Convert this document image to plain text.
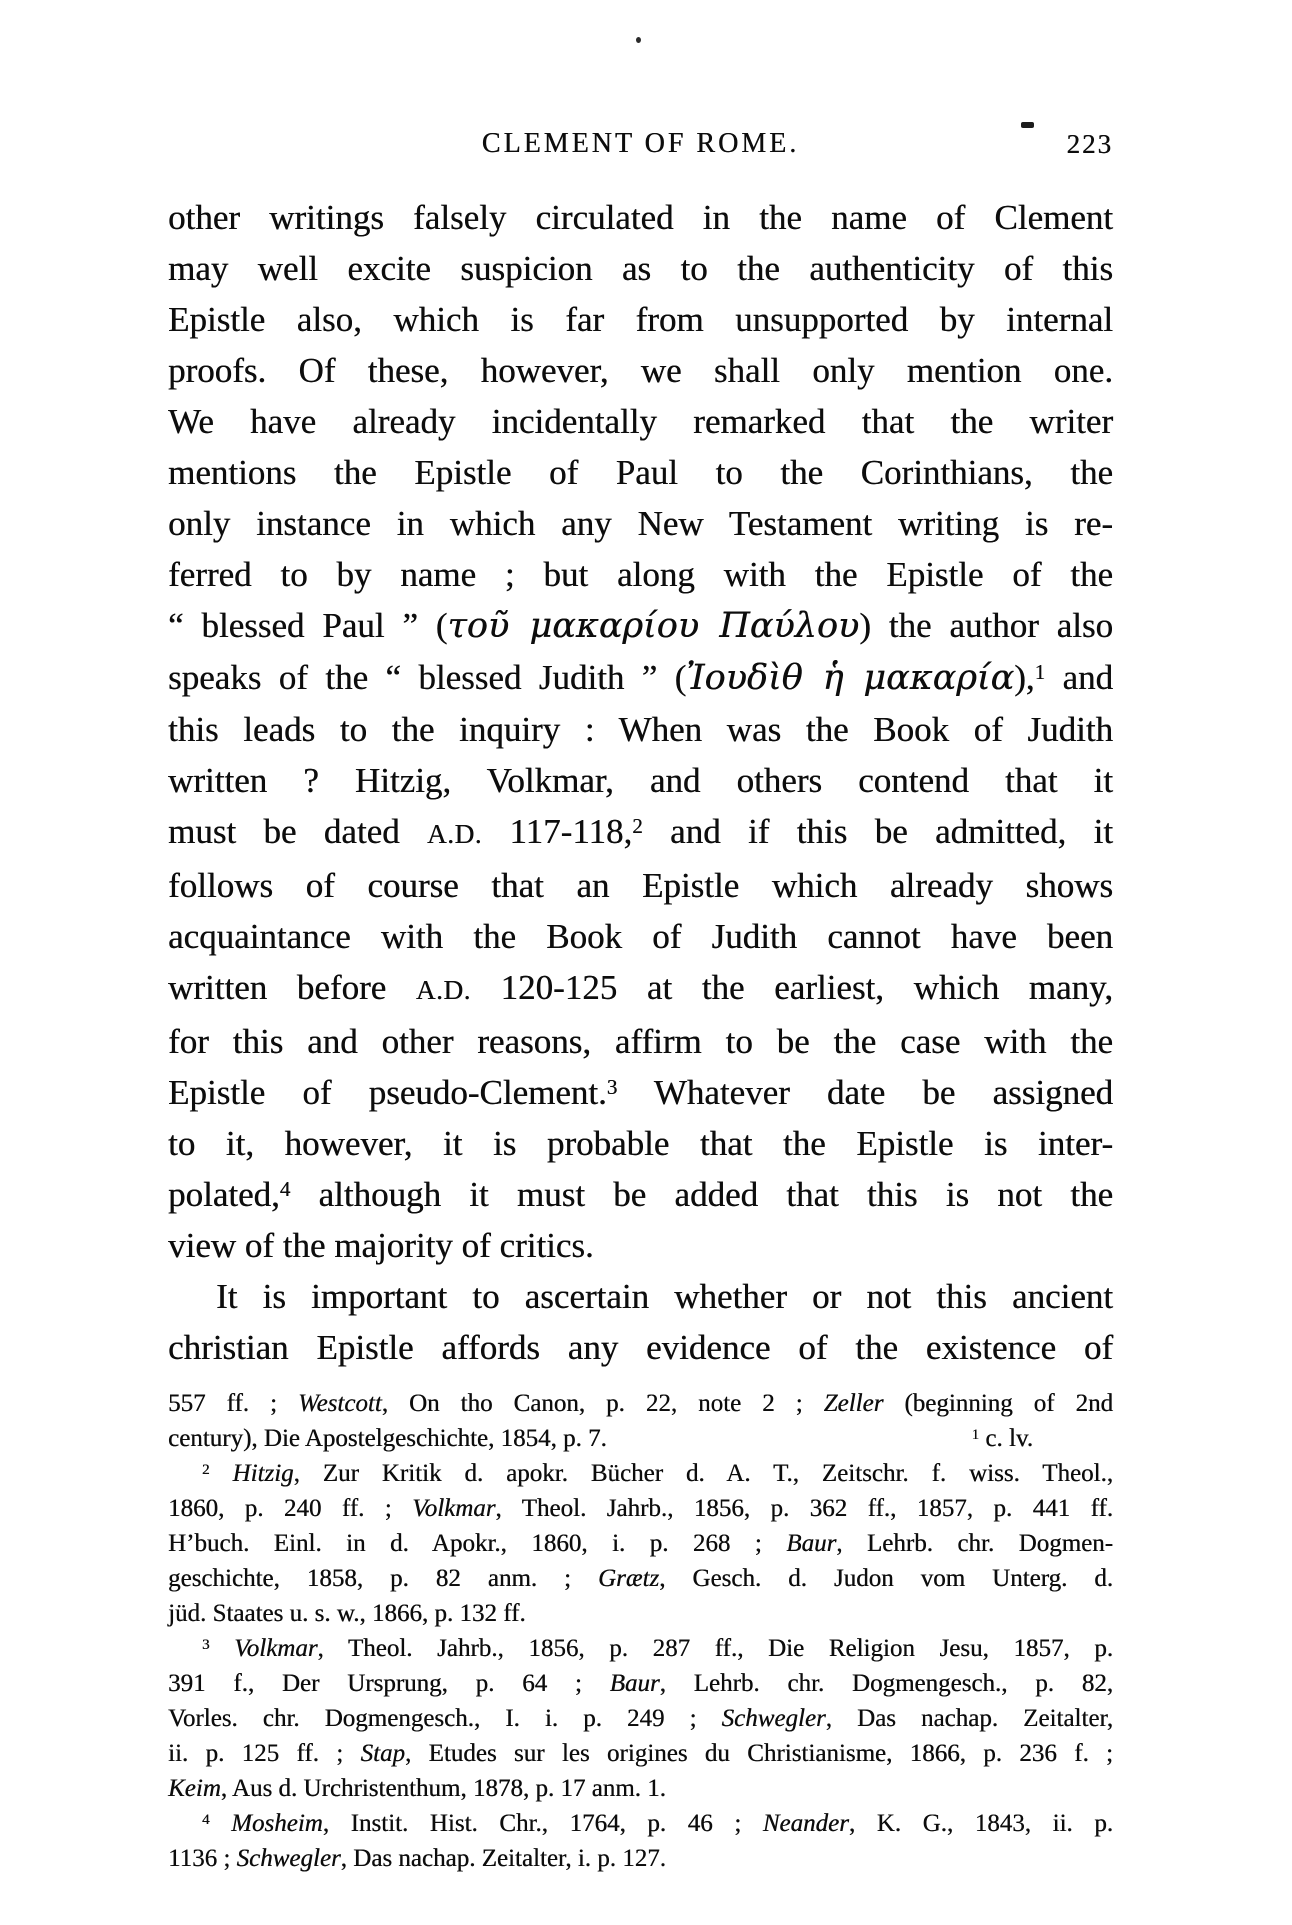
CLEMENT OF ROME.	223
other writings falsely circulated in the name of Clement
may well excite suspicion as to the authenticity of this
Epistle also, which is far from unsupported by internal
proofs. Of these, however, we shall only mention one.
We have already incidentally remarked that the writer
mentions the Epistle of Paul to the Corinthians, the
only instance in which any New Testament writing is re-
ferred to by name ; but along with the Epistle of the
“ blessed Paul ” (τοῦ μακαρίου Παύλου) the author also
speaks of the “ blessed Judith ” (Ἰουδὶθ ἡ μακαρία),$^1$ and
this leads to the inquiry : When was the Book of Judith
written ? Hitzig, Volkmar, and others contend that it
must be dated A.D. 117-118,$^2$ and if this be admitted, it
follows of course that an Epistle which already shows
acquaintance with the Book of Judith cannot have been
written before A.D. 120-125 at the earliest, which many,
for this and other reasons, affirm to be the case with the
Epistle of pseudo-Clement.$^3$ Whatever date be assigned
to it, however, it is probable that the Epistle is inter-
polated,$^4$ although it must be added that this is not the
view of the majority of critics.
It is important to ascertain whether or not this ancient
christian Epistle affords any evidence of the existence of
557 ff. ; Westcott, On tho Canon, p. 22, note 2 ; Zeller (beginning of 2nd
century), Die Apostelgeschichte, 1854, p. 7.	$^1$ c. lv.
$^2$ Hitzig, Zur Kritik d. apokr. Bücher d. A. T., Zeitschr. f. wiss. Theol.,
1860, p. 240 ff. ; Volkmar, Theol. Jahrb., 1856, p. 362 ff., 1857, p. 441 ff.
H’buch. Einl. in d. Apokr., 1860, i. p. 268 ; Baur, Lehrb. chr. Dogmen-
geschichte, 1858, p. 82 anm. ; Grætz, Gesch. d. Judon vom Unterg. d.
jüd. Staates u. s. w., 1866, p. 132 ff.
$^3$ Volkmar, Theol. Jahrb., 1856, p. 287 ff., Die Religion Jesu, 1857, p.
391 f., Der Ursprung, p. 64 ; Baur, Lehrb. chr. Dogmengesch., p. 82,
Vorles. chr. Dogmengesch., I. i. p. 249 ; Schwegler, Das nachap. Zeitalter,
ii. p. 125 ff. ; Stap, Etudes sur les origines du Christianisme, 1866, p. 236 f. ;
Keim, Aus d. Urchristenthum, 1878, p. 17 anm. 1.
$^4$ Mosheim, Instit. Hist. Chr., 1764, p. 46 ; Neander, K. G., 1843, ii. p.
1136 ; Schwegler, Das nachap. Zeitalter, i. p. 127.
